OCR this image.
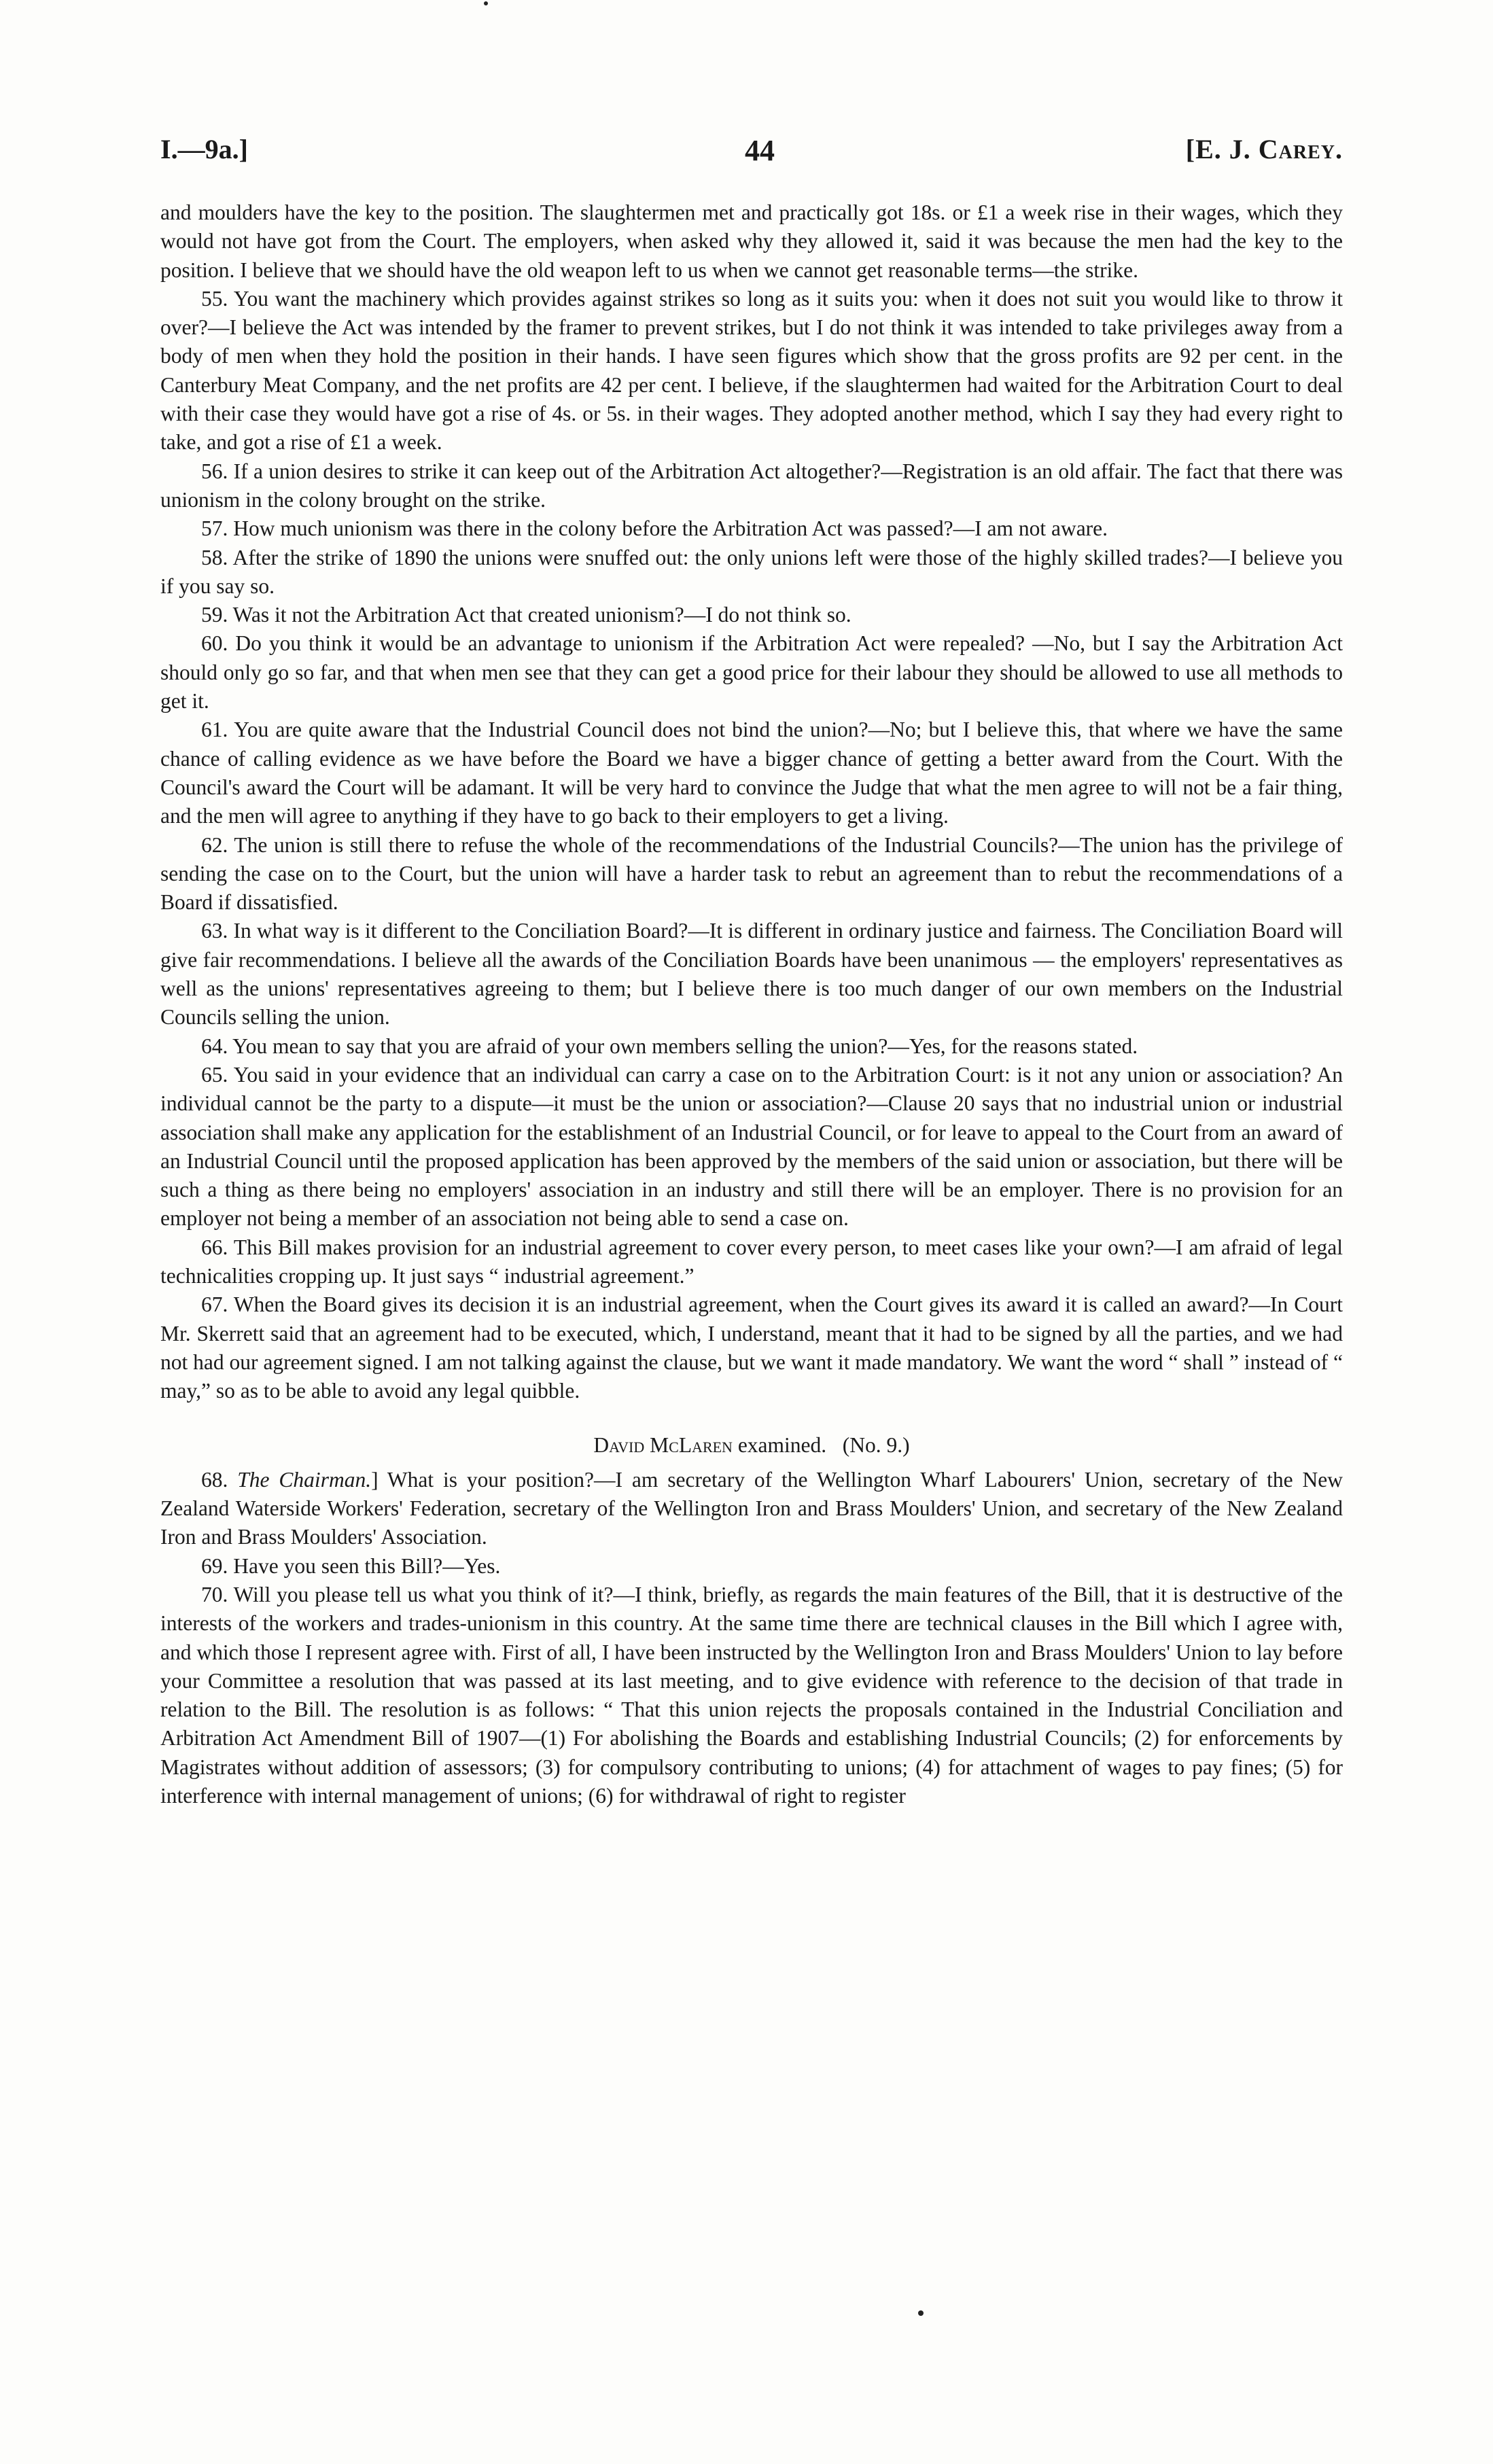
I.—9a.]	44	[E. J. Carey.

and moulders have the key to the position. The slaughtermen met and practically got 18s. or £1 a week rise in their wages, which they would not have got from the Court. The employers, when asked why they allowed it, said it was because the men had the key to the position. I believe that we should have the old weapon left to us when we cannot get reasonable terms—the strike.

55. You want the machinery which provides against strikes so long as it suits you: when it does not suit you would like to throw it over?—I believe the Act was intended by the framer to prevent strikes, but I do not think it was intended to take privileges away from a body of men when they hold the position in their hands. I have seen figures which show that the gross profits are 92 per cent. in the Canterbury Meat Company, and the net profits are 42 per cent. I believe, if the slaughtermen had waited for the Arbitration Court to deal with their case they would have got a rise of 4s. or 5s. in their wages. They adopted another method, which I say they had every right to take, and got a rise of £1 a week.

56. If a union desires to strike it can keep out of the Arbitration Act altogether?—Registration is an old affair. The fact that there was unionism in the colony brought on the strike.

57. How much unionism was there in the colony before the Arbitration Act was passed?—I am not aware.

58. After the strike of 1890 the unions were snuffed out: the only unions left were those of the highly skilled trades?—I believe you if you say so.

59. Was it not the Arbitration Act that created unionism?—I do not think so.

60. Do you think it would be an advantage to unionism if the Arbitration Act were repealed? —No, but I say the Arbitration Act should only go so far, and that when men see that they can get a good price for their labour they should be allowed to use all methods to get it.

61. You are quite aware that the Industrial Council does not bind the union?—No; but I believe this, that where we have the same chance of calling evidence as we have before the Board we have a bigger chance of getting a better award from the Court. With the Council's award the Court will be adamant. It will be very hard to convince the Judge that what the men agree to will not be a fair thing, and the men will agree to anything if they have to go back to their employers to get a living.

62. The union is still there to refuse the whole of the recommendations of the Industrial Councils?—The union has the privilege of sending the case on to the Court, but the union will have a harder task to rebut an agreement than to rebut the recommendations of a Board if dissatisfied.

63. In what way is it different to the Conciliation Board?—It is different in ordinary justice and fairness. The Conciliation Board will give fair recommendations. I believe all the awards of the Conciliation Boards have been unanimous — the employers' representatives as well as the unions' representatives agreeing to them; but I believe there is too much danger of our own members on the Industrial Councils selling the union.

64. You mean to say that you are afraid of your own members selling the union?—Yes, for the reasons stated.

65. You said in your evidence that an individual can carry a case on to the Arbitration Court: is it not any union or association? An individual cannot be the party to a dispute—it must be the union or association?—Clause 20 says that no industrial union or industrial association shall make any application for the establishment of an Industrial Council, or for leave to appeal to the Court from an award of an Industrial Council until the proposed application has been approved by the members of the said union or association, but there will be such a thing as there being no employers' association in an industry and still there will be an employer. There is no provision for an employer not being a member of an association not being able to send a case on.

66. This Bill makes provision for an industrial agreement to cover every person, to meet cases like your own?—I am afraid of legal technicalities cropping up. It just says “ industrial agreement.”

67. When the Board gives its decision it is an industrial agreement, when the Court gives its award it is called an award?—In Court Mr. Skerrett said that an agreement had to be executed, which, I understand, meant that it had to be signed by all the parties, and we had not had our agreement signed. I am not talking against the clause, but we want it made mandatory. We want the word “ shall ” instead of “ may,” so as to be able to avoid any legal quibble.

David McLaren examined. (No. 9.)

68. The Chairman.] What is your position?—I am secretary of the Wellington Wharf Labourers' Union, secretary of the New Zealand Waterside Workers' Federation, secretary of the Wellington Iron and Brass Moulders' Union, and secretary of the New Zealand Iron and Brass Moulders' Association.

69. Have you seen this Bill?—Yes.

70. Will you please tell us what you think of it?—I think, briefly, as regards the main features of the Bill, that it is destructive of the interests of the workers and trades-unionism in this country. At the same time there are technical clauses in the Bill which I agree with, and which those I represent agree with. First of all, I have been instructed by the Wellington Iron and Brass Moulders' Union to lay before your Committee a resolution that was passed at its last meeting, and to give evidence with reference to the decision of that trade in relation to the Bill. The resolution is as follows: “ That this union rejects the proposals contained in the Industrial Conciliation and Arbitration Act Amendment Bill of 1907—(1) For abolishing the Boards and establishing Industrial Councils; (2) for enforcements by Magistrates without addition of assessors; (3) for compulsory contributing to unions; (4) for attachment of wages to pay fines; (5) for interference with internal management of unions; (6) for withdrawal of right to register
